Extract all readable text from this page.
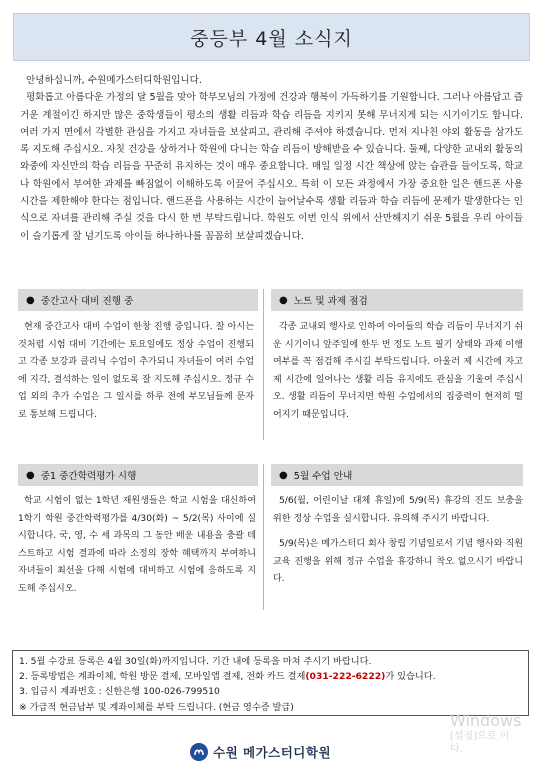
중등부 4월 소식지

안녕하십니까, 수원메가스터디학원입니다.

평화롭고 아름다운 가정의 달 5월을 맞아 학부모님의 가정에 건강과 행복이 가득하기를 기원합니다. 그러나 아름답고 즐거운 계절이긴 하지만 많은 중학생들이 평소의 생활 리듬과 학습 리듬을 지키지 못해 무너지게 되는 시기이기도 합니다. 여러 가지 면에서 각별한 관심을 가지고 자녀들을 보살피고, 관리해 주셔야 하겠습니다. 먼저 지나친 야외 활동을 삼가도록 지도해 주십시오. 자칫 건강을 상하거나 학원에 다니는 학습 리듬이 방해받을 수 있습니다. 둘째, 다양한 교내외 활동의 와중에 자신만의 학습 리듬을 꾸준히 유지하는 것이 매우 중요합니다. 매일 일정 시간 책상에 앉는 습관을 들이도록, 학교나 학원에서 부여한 과제를 빠짐없이 이해하도록 이끌어 주십시오. 특히 이 모든 과정에서 가장 중요한 일은 핸드폰 사용 시간을 제한해야 한다는 점입니다. 핸드폰을 사용하는 시간이 늘어날수록 생활 리듬과 학습 리듬에 문제가 발생한다는 인식으로 자녀를 관리해 주실 것을 다시 한 번 부탁드립니다. 학원도 이번 인식 위에서 산만해지기 쉬운 5월을 우리 아이들이 슬기롭게 잘 넘기도록 아이들 하나하나를 꼼꼼히 보살피겠습니다.

● 중간고사 대비 진행 중

현재 중간고사 대비 수업이 한창 진행 중입니다. 잘 아시는 것처럼 시험 대비 기간에는 토요일에도 정상 수업이 진행되고 각종 보강과 클리닉 수업이 추가되니 자녀들이 여러 수업에 지각, 결석하는 일이 없도록 잘 지도해 주십시오. 정규 수업 외의 추가 수업은 그 일시를 하루 전에 부모님들께 문자로 통보해 드립니다.

● 노트 및 과제 점검

각종 교내외 행사로 인하여 아이들의 학습 리듬이 무너지기 쉬운 시기이니 앞주일에 한두 번 정도 노트 필기 상태와 과제 이행 여부를 꼭 점검해 주시길 부탁드립니다. 아울러 제 시간에 자고 제 시간에 일어나는 생활 리듬 유지에도 관심을 기울여 주십시오. 생활 리듬이 무너지면 학원 수업에서의 집중력이 현저히 떨어지기 때문입니다.

● 중1 중간학력평가 시행

학교 시험이 없는 1학년 재원생들은 학교 시험을 대신하여 1학기 학원 중간학력평가를 4/30(화) ~ 5/2(목) 사이에 실시합니다. 국, 영, 수 세 과목의 그 동안 배운 내용을 충괄 테스트하고 시험 결과에 따라 소정의 장학 혜택까지 부여하니 자녀들이 최선을 다해 시험에 대비하고 시험에 응하도록 지도해 주십시오.

● 5월 수업 안내

5/6(월, 어린이날 대체 휴일)에 5/9(목) 휴강의 진도 보충을 위한 정상 수업을 실시합니다. 유의해 주시기 바랍니다.

5/9(목)은 메가스터디 회사 창립 기념일로서 기념 행사와 직원 교육 진행을 위해 정규 수업을 휴강하니 착오 없으시기 바랍니다.

1. 5월 수강료 등록은 4월 30일(화)까지입니다. 기간 내에 등록을 마쳐 주시기 바랍니다.
2. 등록방법은 계좌이체, 학원 방문 결제, 모바일앱 결제, 전화 카드 결제(031-222-6222)가 있습니다.
3. 입금시 계좌번호 : 신한은행 100-026-799510
※ 가급적 현금납부 및 계좌이체를 부탁 드립니다. (현금 영수증 발급)
Windows
[설정]으로 이
다.
수원 메가스터디학원
